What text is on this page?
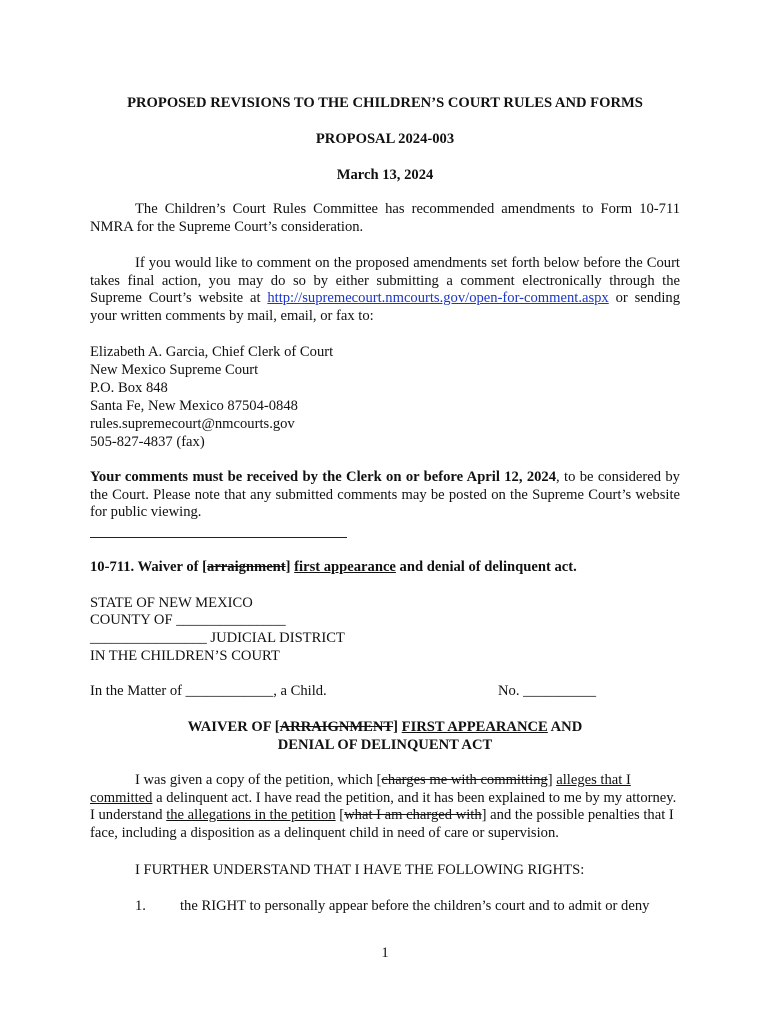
PROPOSED REVISIONS TO THE CHILDREN’S COURT RULES AND FORMS
PROPOSAL 2024-003
March 13, 2024

The Children’s Court Rules Committee has recommended amendments to Form 10-711 NMRA for the Supreme Court’s consideration.

If you would like to comment on the proposed amendments set forth below before the Court takes final action, you may do so by either submitting a comment electronically through the Supreme Court’s website at http://supremecourt.nmcourts.gov/open-for-comment.aspx or sending your written comments by mail, email, or fax to:

Elizabeth A. Garcia, Chief Clerk of Court
New Mexico Supreme Court
P.O. Box 848
Santa Fe, New Mexico 87504-0848
rules.supremecourt@nmcourts.gov
505-827-4837 (fax)

Your comments must be received by the Clerk on or before April 12, 2024, to be considered by the Court. Please note that any submitted comments may be posted on the Supreme Court’s website for public viewing.

10-711. Waiver of [arraignment] first appearance and denial of delinquent act.
STATE OF NEW MEXICO
COUNTY OF _______________
________________ JUDICIAL DISTRICT
IN THE CHILDREN’S COURT
In the Matter of ____________, a Child.	No. __________
WAIVER OF [ARRAIGNMENT] FIRST APPEARANCE AND
DENIAL OF DELINQUENT ACT

I was given a copy of the petition, which [charges me with committing] alleges that I committed a delinquent act. I have read the petition, and it has been explained to me by my attorney. I understand the allegations in the petition [what I am charged with] and the possible penalties that I face, including a disposition as a delinquent child in need of care or supervision.

I FURTHER UNDERSTAND THAT I HAVE THE FOLLOWING RIGHTS:
1. the RIGHT to personally appear before the children’s court and to admit or deny
1
